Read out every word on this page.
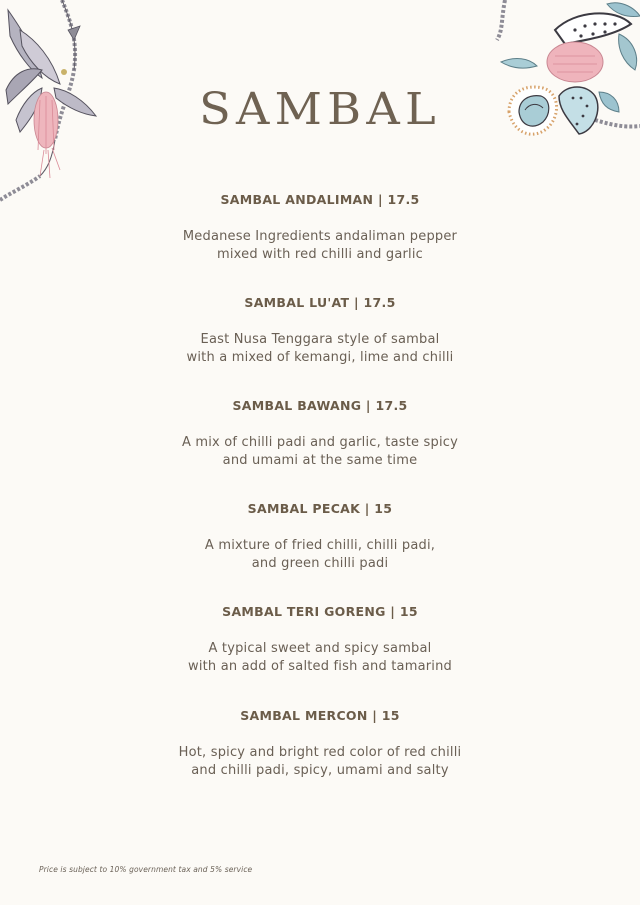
SAMBAL
SAMBAL ANDALIMAN | 17.5
Medanese Ingredients andaliman pepper
mixed with red chilli and garlic
SAMBAL LU'AT | 17.5
East Nusa Tenggara style of sambal
with a mixed of kemangi, lime and chilli
SAMBAL BAWANG | 17.5
A mix of chilli padi and garlic, taste spicy
and umami at the same time
SAMBAL PECAK | 15
A mixture of fried chilli, chilli padi,
and green chilli padi
SAMBAL TERI GORENG | 15
A typical sweet and spicy sambal
with an add of salted fish and tamarind
SAMBAL MERCON | 15
Hot, spicy and bright red color of red chilli
and chilli padi, spicy, umami and salty
Price is subject to 10% government tax and 5% service
